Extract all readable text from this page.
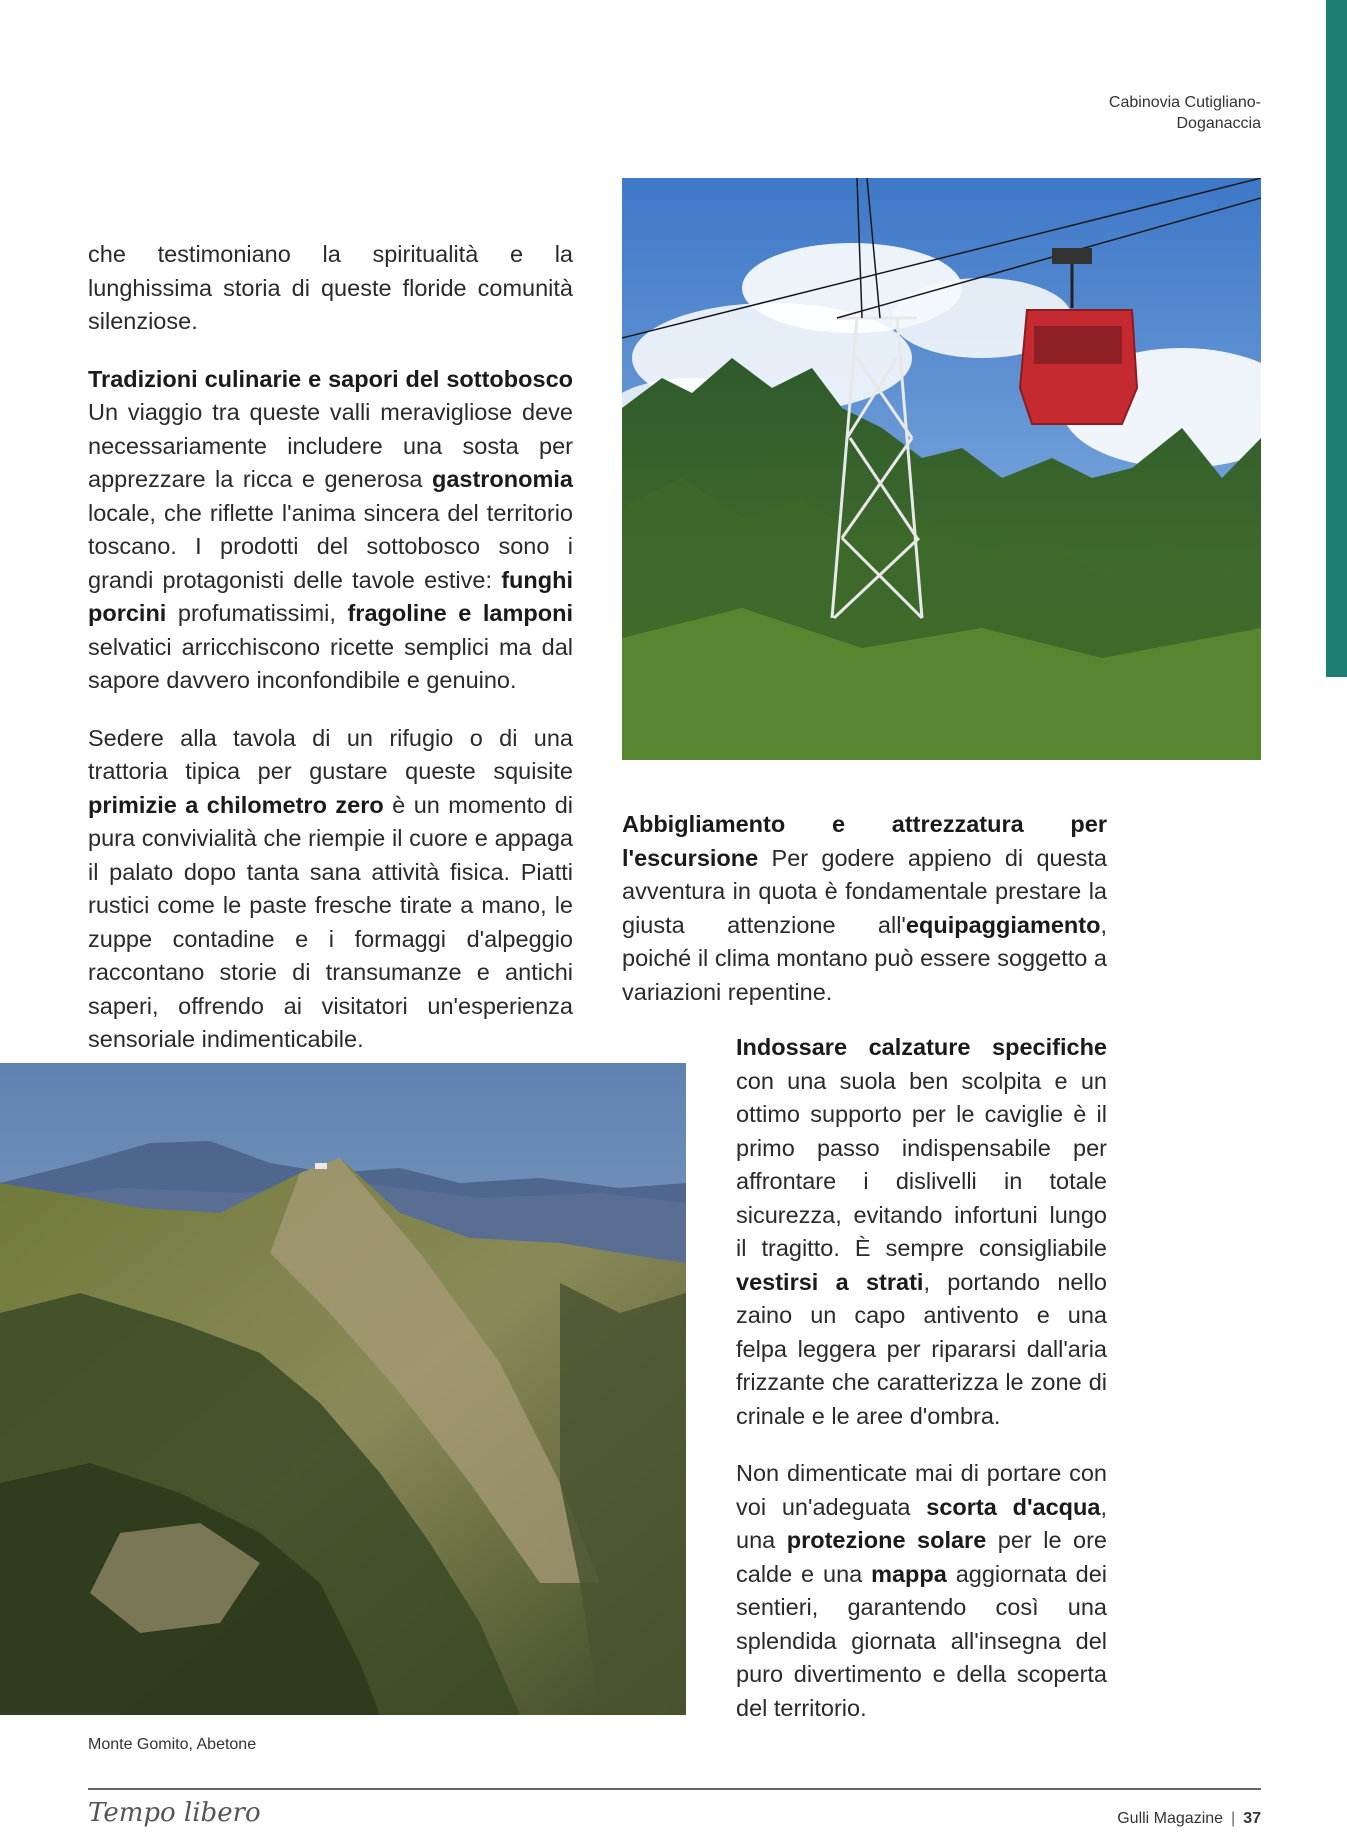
Cabinovia Cutigliano-Doganaccia

che testimoniano la spiritualità e la lunghissima storia di queste floride comunità silenziose.

Tradizioni culinarie e sapori del sottobosco Un viaggio tra queste valli meravigliose deve necessariamente includere una sosta per apprezzare la ricca e generosa gastronomia locale, che riflette l'anima sincera del territorio toscano. I prodotti del sottobosco sono i grandi protagonisti delle tavole estive: funghi porcini profumatissimi, fragoline e lamponi selvatici arricchiscono ricette semplici ma dal sapore davvero inconfondibile e genuino.

Sedere alla tavola di un rifugio o di una trattoria tipica per gustare queste squisite primizie a chilometro zero è un momento di pura convivialità che riempie il cuore e appaga il palato dopo tanta sana attività fisica. Piatti rustici come le paste fresche tirate a mano, le zuppe contadine e i formaggi d'alpeggio raccontano storie di transumanze e antichi saperi, offrendo ai visitatori un'esperienza sensoriale indimenticabile.

Abbigliamento e attrezzatura per l'escursione Per godere appieno di questa avventura in quota è fondamentale prestare la giusta attenzione all'equipaggiamento, poiché il clima montano può essere soggetto a variazioni repentine.

Indossare calzature specifiche con una suola ben scolpita e un ottimo supporto per le caviglie è il primo passo indispensabile per affrontare i dislivelli in totale sicurezza, evitando infortuni lungo il tragitto. È sempre consigliabile vestirsi a strati, portando nello zaino un capo antivento e una felpa leggera per ripararsi dall'aria frizzante che caratterizza le zone di crinale e le aree d'ombra.

Non dimenticate mai di portare con voi un'adeguata scorta d'acqua, una protezione solare per le ore calde e una mappa aggiornata dei sentieri, garantendo così una splendida giornata all'insegna del puro divertimento e della scoperta del territorio.

Monte Gomito, Abetone
Tempo libero	Gulli Magazine | 37
